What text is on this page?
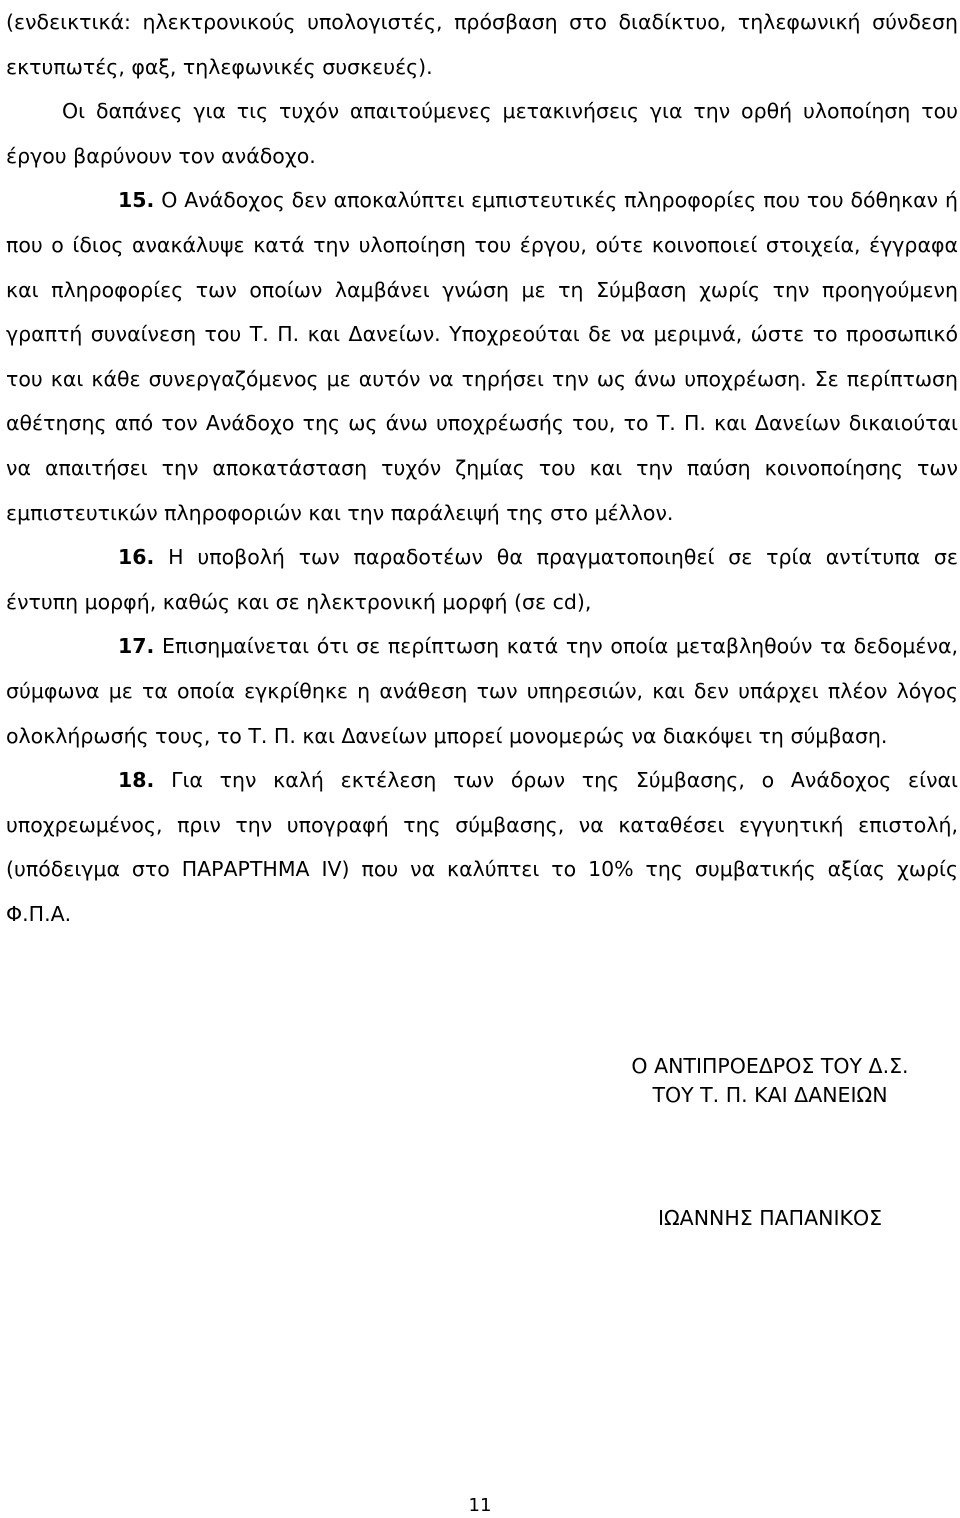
(ενδεικτικά: ηλεκτρονικούς υπολογιστές, πρόσβαση στο διαδίκτυο, τηλεφωνική σύνδεση εκτυπωτές, φαξ, τηλεφωνικές συσκευές).

Οι δαπάνες για τις τυχόν απαιτούμενες μετακινήσεις για την ορθή υλοποίηση του έργου βαρύνουν τον ανάδοχο.

15. Ο Ανάδοχος δεν αποκαλύπτει εμπιστευτικές πληροφορίες που του δόθηκαν ή που ο ίδιος ανακάλυψε κατά την υλοποίηση του έργου, ούτε κοινοποιεί στοιχεία, έγγραφα και πληροφορίες των οποίων λαμβάνει γνώση με τη Σύμβαση χωρίς την προηγούμενη γραπτή συναίνεση του Τ. Π. και Δανείων. Υποχρεούται δε να μεριμνά, ώστε το προσωπικό του και κάθε συνεργαζόμενος με αυτόν να τηρήσει την ως άνω υποχρέωση. Σε περίπτωση αθέτησης από τον Ανάδοχο της ως άνω υποχρέωσής του, το Τ. Π. και Δανείων δικαιούται να απαιτήσει την αποκατάσταση τυχόν ζημίας του και την παύση κοινοποίησης των εμπιστευτικών πληροφοριών και την παράλειψή της στο μέλλον.

16. Η υποβολή των παραδοτέων θα πραγματοποιηθεί σε τρία αντίτυπα σε έντυπη μορφή, καθώς και σε ηλεκτρονική μορφή (σε cd),

17. Επισημαίνεται ότι σε περίπτωση κατά την οποία μεταβληθούν τα δεδομένα, σύμφωνα με τα οποία εγκρίθηκε η ανάθεση των υπηρεσιών, και δεν υπάρχει πλέον λόγος ολοκλήρωσής τους, το Τ. Π. και Δανείων μπορεί μονομερώς να διακόψει τη σύμβαση.

18. Για την καλή εκτέλεση των όρων της Σύμβασης, ο Ανάδοχος είναι υποχρεωμένος, πριν την υπογραφή της σύμβασης, να καταθέσει εγγυητική επιστολή, (υπόδειγμα στο ΠΑΡΑΡΤΗΜΑ IV) που να καλύπτει το 10% της συμβατικής αξίας χωρίς Φ.Π.Α.

Ο ΑΝΤΙΠΡΟΕΔΡΟΣ ΤΟΥ Δ.Σ.
ΤΟΥ Τ. Π. ΚΑΙ ΔΑΝΕΙΩΝ
ΙΩΑΝΝΗΣ ΠΑΠΑΝΙΚΟΣ
11
